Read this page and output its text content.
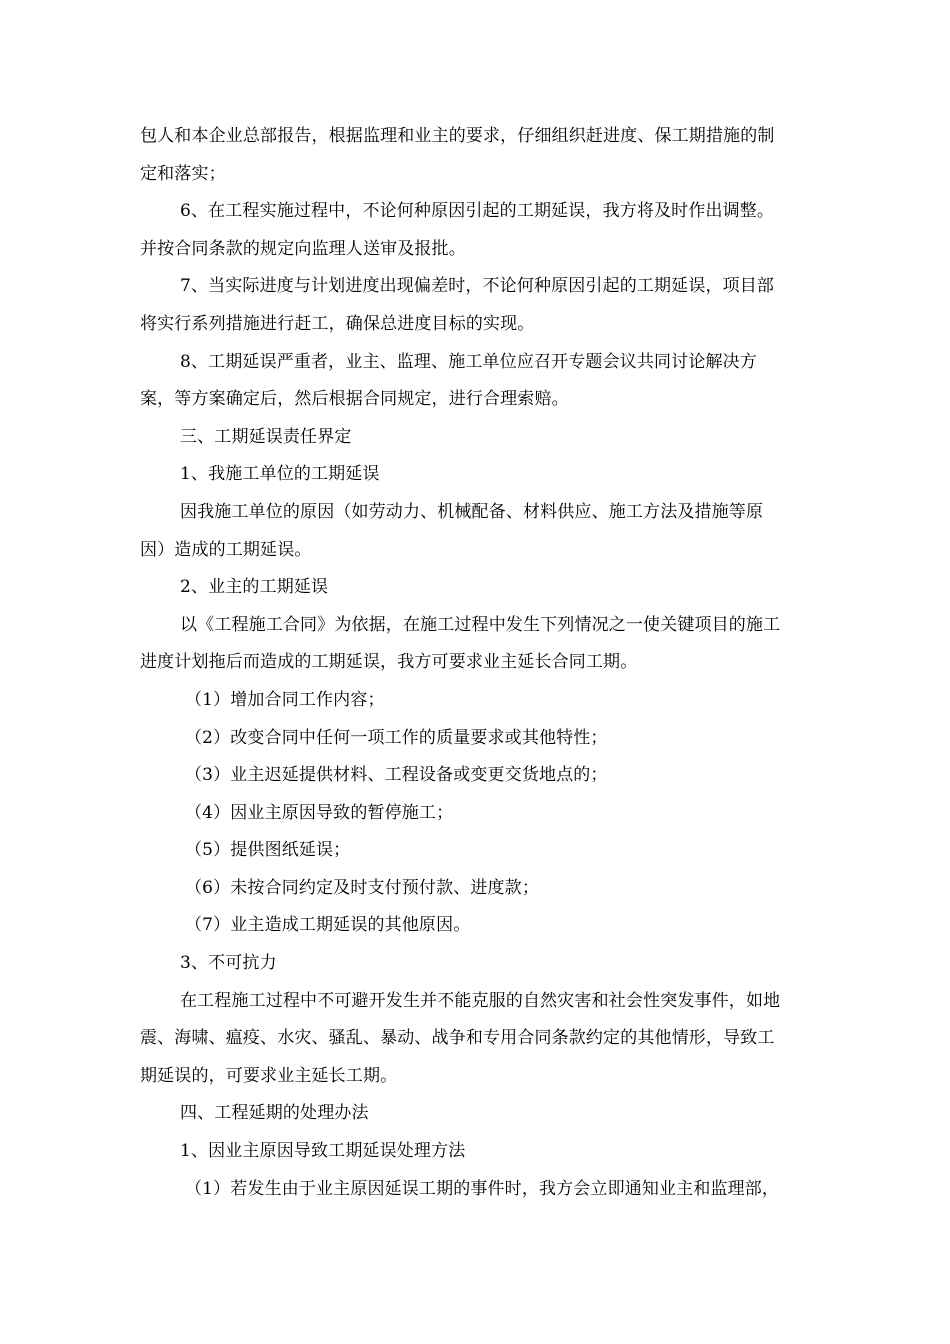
包人和本企业总部报告，根据监理和业主的要求，仔细组织赶进度、保工期措施的制

定和落实；

6、在工程实施过程中，不论何种原因引起的工期延误，我方将及时作出调整。

并按合同条款的规定向监理人送审及报批。

7、当实际进度与计划进度出现偏差时，不论何种原因引起的工期延误，项目部

将实行系列措施进行赶工，确保总进度目标的实现。

8、工期延误严重者，业主、监理、施工单位应召开专题会议共同讨论解决方

案，等方案确定后，然后根据合同规定，进行合理索赔。

三、工期延误责任界定

1、我施工单位的工期延误

因我施工单位的原因（如劳动力、机械配备、材料供应、施工方法及措施等原

因）造成的工期延误。

2、业主的工期延误

以《工程施工合同》为依据，在施工过程中发生下列情况之一使关键项目的施工

进度计划拖后而造成的工期延误，我方可要求业主延长合同工期。

（1）增加合同工作内容；

（2）改变合同中任何一项工作的质量要求或其他特性；

（3）业主迟延提供材料、工程设备或变更交货地点的；

（4）因业主原因导致的暂停施工；

（5）提供图纸延误；

（6）未按合同约定及时支付预付款、进度款；

（7）业主造成工期延误的其他原因。

3、不可抗力

在工程施工过程中不可避开发生并不能克服的自然灾害和社会性突发事件，如地

震、海啸、瘟疫、水灾、骚乱、暴动、战争和专用合同条款约定的其他情形，导致工

期延误的，可要求业主延长工期。

四、工程延期的处理办法

1、因业主原因导致工期延误处理方法

（1）若发生由于业主原因延误工期的事件时，我方会立即通知业主和监理部，
